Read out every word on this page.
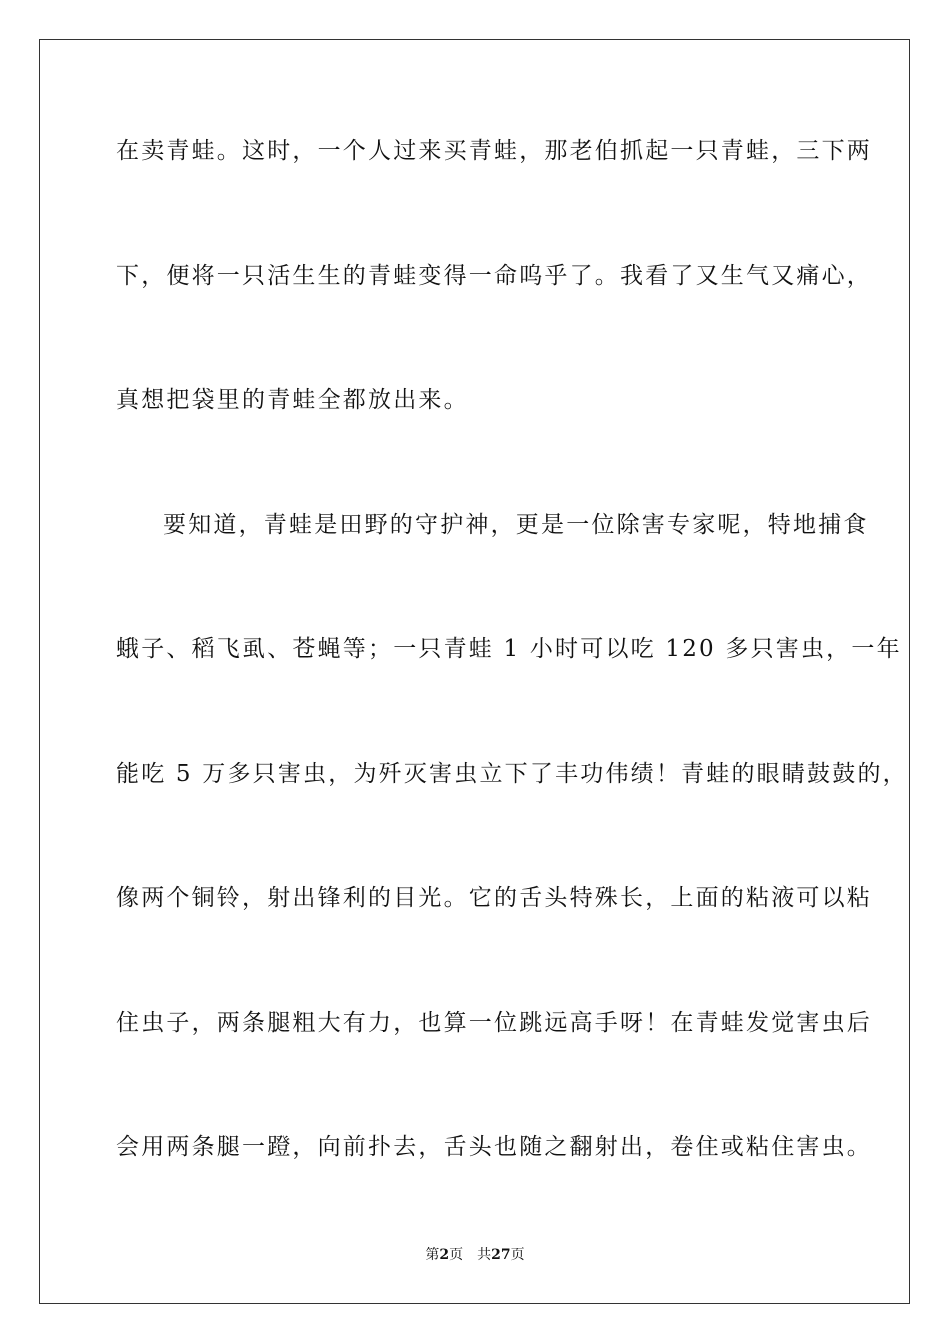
在卖青蛙。这时，一个人过来买青蛙，那老伯抓起一只青蛙，三下两
下，便将一只活生生的青蛙变得一命呜乎了。我看了又生气又痛心，
真想把袋里的青蛙全都放出来。
要知道，青蛙是田野的守护神，更是一位除害专家呢，特地捕食
蛾子、稻飞虱、苍蝇等；一只青蛙 1 小时可以吃 120 多只害虫，一年
能吃 5 万多只害虫，为歼灭害虫立下了丰功伟绩！青蛙的眼睛鼓鼓的，
像两个铜铃，射出锋利的目光。它的舌头特殊长，上面的粘液可以粘
住虫子，两条腿粗大有力，也算一位跳远高手呀！在青蛙发觉害虫后
会用两条腿一蹬，向前扑去，舌头也随之翻射出，卷住或粘住害虫。
第2页 共27页
